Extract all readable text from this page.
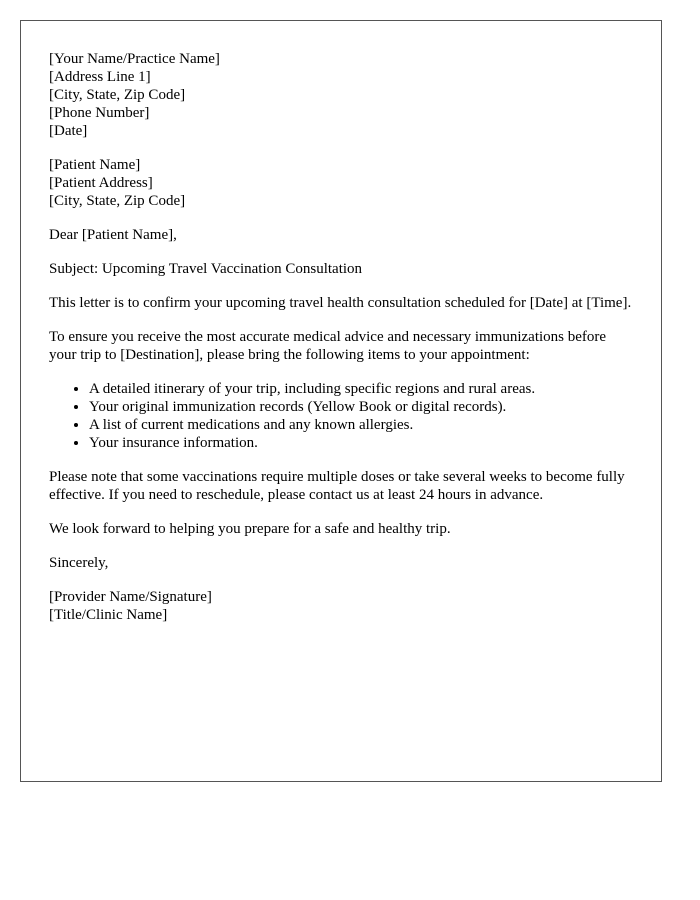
[Your Name/Practice Name]
[Address Line 1]
[City, State, Zip Code]
[Phone Number]
[Date]
[Patient Name]
[Patient Address]
[City, State, Zip Code]

Dear [Patient Name],

Subject: Upcoming Travel Vaccination Consultation

This letter is to confirm your upcoming travel health consultation scheduled for [Date] at [Time].

To ensure you receive the most accurate medical advice and necessary immunizations before your trip to [Destination], please bring the following items to your appointment:

• A detailed itinerary of your trip, including specific regions and rural areas.
• Your original immunization records (Yellow Book or digital records).
• A list of current medications and any known allergies.
• Your insurance information.

Please note that some vaccinations require multiple doses or take several weeks to become fully effective. If you need to reschedule, please contact us at least 24 hours in advance.

We look forward to helping you prepare for a safe and healthy trip.

Sincerely,

[Provider Name/Signature]
[Title/Clinic Name]
